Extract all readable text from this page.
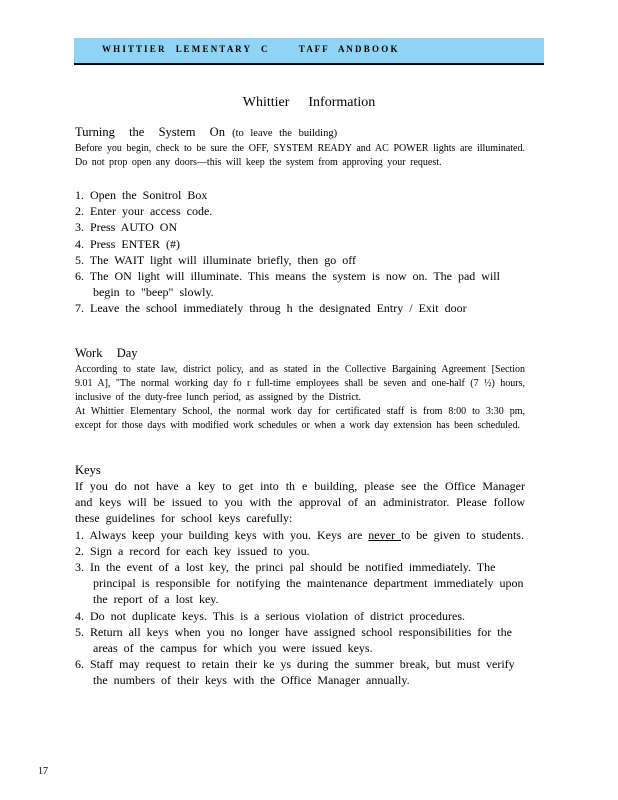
W H I T T I E R     L E M E N T A R Y     C              T A F F     A N D B O O K
Whittier  Information
Turning  the  System  On (to leave the building)

Before you begin, check to be sure the OFF, SYSTEM READY and AC POWER lights are illuminated. Do not prop open any doors—this will keep the system from approving your request.

1. Open the Sonitrol Box
2. Enter your access code.
3. Press AUTO ON
4. Press ENTER (#)
5. The WAIT light will illuminate briefly, then go off
6. The ON light will illuminate. This means the system is now on. The pad will begin to "beep" slowly.
7. Leave the school immediately throug h the designated Entry / Exit door
Work  Day

According to state law, district policy, and as stated in the Collective Bargaining Agreement [Section 9.01 A], "The normal working day fo r full-time employees shall be seven and one-half (7 ½) hours, inclusive of the duty-free lunch period, as assigned by the District.

At Whittier Elementary School, the normal work day for certificated staff is from 8:00 to 3:30 pm, except for those days with modified work schedules or when a work day extension has been scheduled.

Keys

If you do not have a key to get into th e building, please see the Office Manager and keys will be issued to you with the approval of an administrator. Please follow these guidelines for school keys carefully:

1. Always keep your building keys with you. Keys are never to be given to students.
2. Sign a record for each key issued to you.
3. In the event of a lost key, the princi pal should be notified immediately. The principal is responsible for notifying the maintenance department immediately upon the report of a lost key.
4. Do not duplicate keys. This is a serious violation of district procedures.
5. Return all keys when you no longer have assigned school responsibilities for the areas of the campus for which you were issued keys.
6. Staff may request to retain their ke ys during the summer break, but must verify the numbers of their keys with the Office Manager annually.
17
